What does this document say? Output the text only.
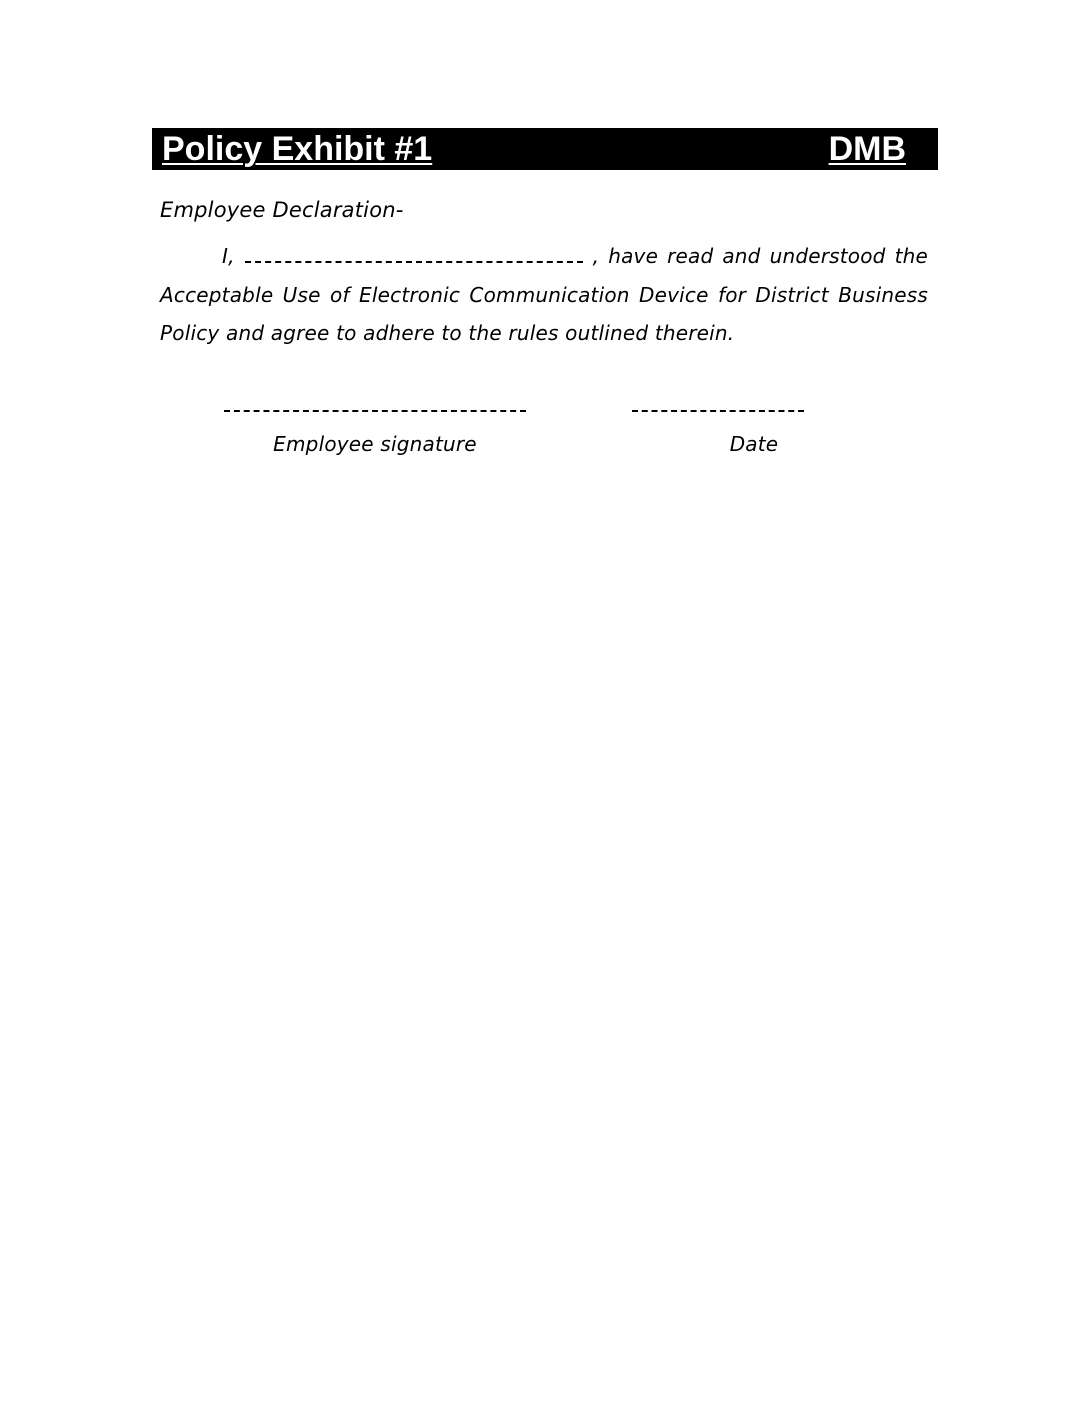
Policy Exhibit #1	DMB
Employee Declaration-

I,	, have read and understood the Acceptable Use of Electronic Communication Device for District Business Policy and agree to adhere to the rules outlined therein.

Employee signature	Date
